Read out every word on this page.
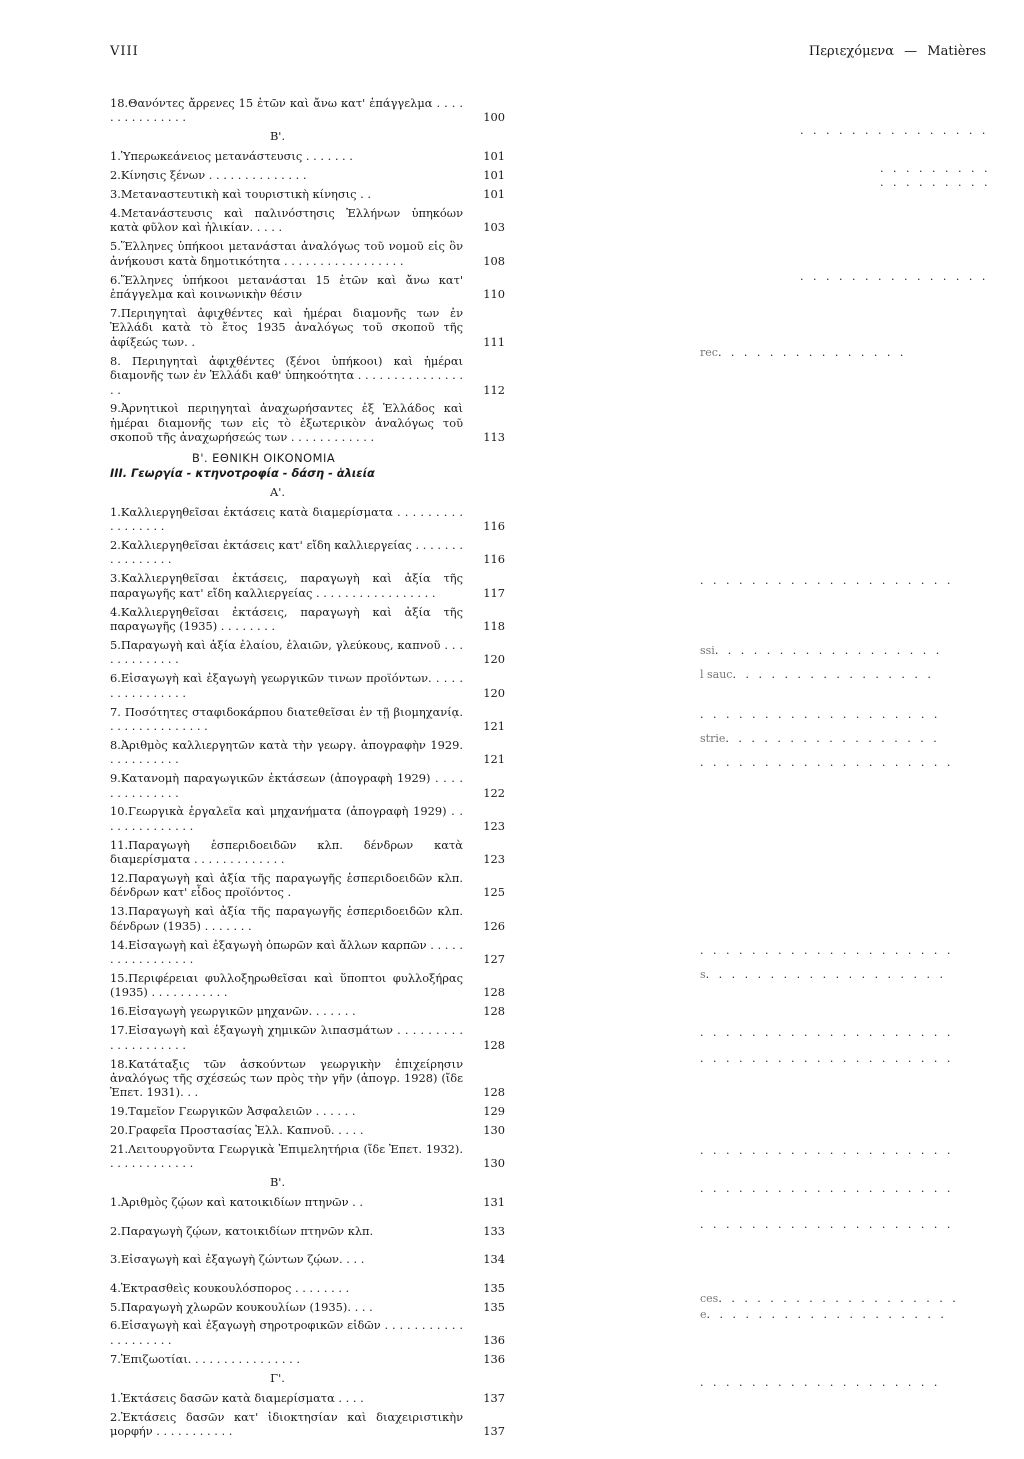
VIII	Περιεχόμενα — Matières
18.Θανόντες ἄρρενες 15 ἐτῶν καὶ ἄνω κατ' ἐπάγγελμα . . . . . . . . . . . . . . .	100
Β'.
1.Ὑπερωκεάνειος μετανάστευσις . . . . . . .	101
2.Κίνησις ξένων . . . . . . . . . . . . . .	101
3.Μεταναστευτικὴ καὶ τουριστικὴ κίνησις . .	101
4.Μετανάστευσις καὶ παλινόστησις Ἑλλήνων ὑπηκόων κατὰ φῦλον καὶ ἡλικίαν. . . . .	103
5.Ἕλληνες ὑπήκοοι μετανάσται ἀναλόγως τοῦ νομοῦ εἰς ὃν ἀνήκουσι κατὰ δημοτικότητα . . . . . . . . . . . . . . . . .	108
6.Ἕλληνες ὑπήκοοι μετανάσται 15 ἐτῶν καὶ ἄνω κατ' ἐπάγγελμα καὶ κοινωνικὴν θέσιν	110
7.Περιηγηταὶ ἀφιχθέντες καὶ ἡμέραι διαμονῆς των ἐν Ἑλλάδι κατὰ τὸ ἔτος 1935 ἀναλόγως τοῦ σκοποῦ τῆς ἀφίξεώς των. .	111
8. Περιηγηταὶ ἀφιχθέντες (ξένοι ὑπήκοοι) καὶ ἡμέραι διαμονῆς των ἐν Ἑλλάδι καθ' ὑπηκοότητα . . . . . . . . . . . . . . . . .	112
9.Ἀρνητικοὶ περιηγηταὶ ἀναχωρήσαντες ἐξ Ἑλλάδος καὶ ἡμέραι διαμονῆς των εἰς τὸ ἐξωτερικὸν ἀναλόγως τοῦ σκοποῦ τῆς ἀναχωρήσεώς των . . . . . . . . . . . .	113
Β'. ΕΘΝΙΚΗ ΟΙΚΟΝΟΜΙΑ
ΙΙΙ. Γεωργία - κτηνοτροφία - δάση - ἁλιεία
Α'.
1.Καλλιεργηθεῖσαι ἐκτάσεις κατὰ διαμερίσματα . . . . . . . . . . . . . . . . .	116
2.Καλλιεργηθεῖσαι ἐκτάσεις κατ' εἴδη καλλιεργείας . . . . . . . . . . . . . . . .	116
3.Καλλιεργηθεῖσαι ἐκτάσεις, παραγωγὴ καὶ ἀξία τῆς παραγωγῆς κατ' εἴδη καλλιεργείας . . . . . . . . . . . . . . . . .	117
4.Καλλιεργηθεῖσαι ἐκτάσεις, παραγωγὴ καὶ ἀξία τῆς παραγωγῆς (1935) . . . . . . . .	118
5.Παραγωγὴ καὶ ἀξία ἐλαίου, ἐλαιῶν, γλεύκους, καπνοῦ . . . . . . . . . . . . .	120
6.Εἰσαγωγὴ καὶ ἐξαγωγὴ γεωργικῶν τινων προϊόντων. . . . . . . . . . . . . . . .	120
7. Ποσότητες σταφιδοκάρπου διατεθεῖσαι ἐν τῇ βιομηχανίᾳ. . . . . . . . . . . . . . .	121
8.Ἀριθμὸς καλλιεργητῶν κατὰ τὴν γεωργ. ἀπογραφὴν 1929. . . . . . . . . . .	121
9.Κατανομὴ παραγωγικῶν ἐκτάσεων (ἀπογραφὴ 1929) . . . . . . . . . . . . . .	122
10.Γεωργικὰ ἐργαλεῖα καὶ μηχανήματα (ἀπογραφὴ 1929) . . . . . . . . . . . . . .	123
11.Παραγωγὴ ἑσπεριδοειδῶν κλπ. δένδρων κατὰ διαμερίσματα . . . . . . . . . . . . .	123
12.Παραγωγὴ καὶ ἀξία τῆς παραγωγῆς ἑσπεριδοειδῶν κλπ. δένδρων κατ' εἶδος προϊόντος .	125
13.Παραγωγὴ καὶ ἀξία τῆς παραγωγῆς ἑσπεριδοειδῶν κλπ. δένδρων (1935) . . . . . . .	126
14.Εἰσαγωγὴ καὶ ἐξαγωγὴ ὀπωρῶν καὶ ἄλλων καρπῶν . . . . . . . . . . . . . . . . .	127
15.Περιφέρειαι φυλλοξηρωθεῖσαι καὶ ὕποπτοι φυλλοξήρας (1935) . . . . . . . . . . .	128
16.Εἰσαγωγὴ γεωργικῶν μηχανῶν. . . . . . .	128
17.Εἰσαγωγὴ καὶ ἐξαγωγὴ χημικῶν λιπασμάτων . . . . . . . . . . . . . . . . . . . .	128
18.Κατάταξις τῶν ἀσκούντων γεωργικὴν ἐπιχείρησιν ἀναλόγως τῆς σχέσεώς των πρὸς τὴν γῆν (ἀπογρ. 1928) (ἴδε Ἐπετ. 1931). . .	128
19.Ταμεῖον Γεωργικῶν Ἀσφαλειῶν . . . . . .	129
20.Γραφεῖα Προστασίας Ἑλλ. Καπνοῦ. . . . .	130
21.Λειτουργοῦντα Γεωργικὰ Ἐπιμελητήρια (ἴδε Ἐπετ. 1932). . . . . . . . . . . . .	130
Β'.
1.Ἀριθμὸς ζῴων καὶ κατοικιδίων πτηνῶν . .	131
2.Παραγωγὴ ζῴων, κατοικιδίων πτηνῶν κλπ.	133
3.Εἰσαγωγὴ καὶ ἐξαγωγὴ ζώντων ζῴων. . . .	134
4.Ἐκτρασθεὶς κουκουλόσπορος . . . . . . . .	135
5.Παραγωγὴ χλωρῶν κουκουλίων (1935). . . .	135
6.Εἰσαγωγὴ καὶ ἐξαγωγὴ σηροτροφικῶν εἰδῶν . . . . . . . . . . . . . . . . . . . .	136
7.Ἐπιζωοτίαι. . . . . . . . . . . . . . . .	136
Γ'.
1.Ἐκτάσεις δασῶν κατὰ διαμερίσματα . . . .	137
2.Ἐκτάσεις δασῶν κατ' ἰδιοκτησίαν καὶ διαχειριστικὴν μορφήν . . . . . . . . . . .	137
. . . . . . . . . . . . . . .
. . . . . . . . .
. . . . . . . . .
. . . . . . . . . . . . . . .
rec. . . . . . . . . . . . . . .
. . . . . . . . . . . . . . . . . . . .
ssi. . . . . . . . . . . . . . . . . .
l sauc. . . . . . . . . . . . . . . .
. . . . . . . . . . . . . . . . . . .
strie. . . . . . . . . . . . . . . . .
. . . . . . . . . . . . . . . . . . . .
. . . . . . . . . . . . . . . . . . . .
s. . . . . . . . . . . . . . . . . . .
. . . . . . . . . . . . . . . . . . . .
. . . . . . . . . . . . . . . . . . . .
. . . . . . . . . . . . . . . . . . . .
. . . . . . . . . . . . . . . . . . . .
. . . . . . . . . . . . . . . . . . . .
ces. . . . . . . . . . . . . . . . . . .
e. . . . . . . . . . . . . . . . . . .
. . . . . . . . . . . . . . . . . . .
